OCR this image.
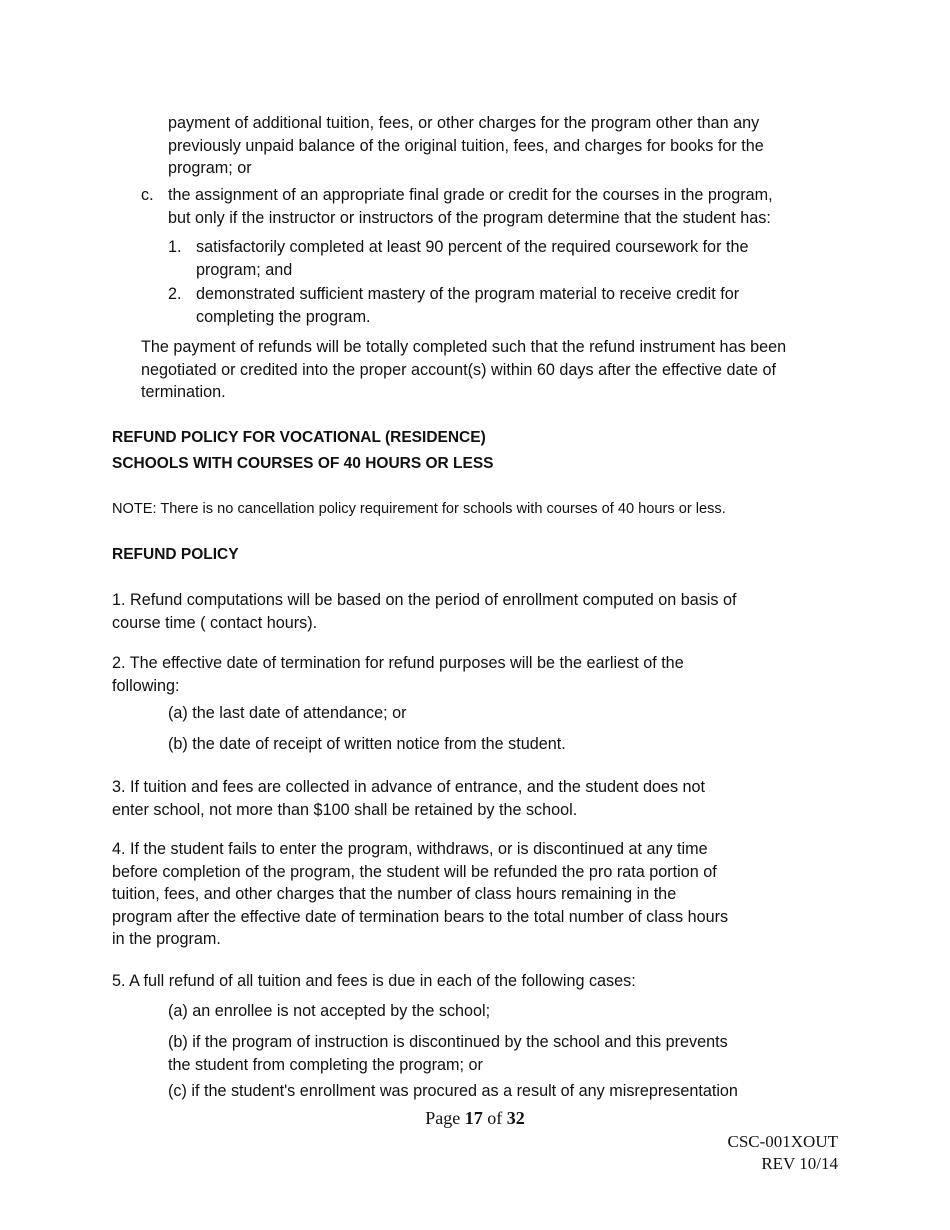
payment of additional tuition, fees, or other charges for the program other than any
previously unpaid balance of the original tuition, fees, and charges for books for the
program; or
c. the assignment of an appropriate final grade or credit for the courses in the program,
but only if the instructor or instructors of the program determine that the student has:
1. satisfactorily completed at least 90 percent of the required coursework for the
program; and
2. demonstrated sufficient mastery of the program material to receive credit for
completing the program.
The payment of refunds will be totally completed such that the refund instrument has been
negotiated or credited into the proper account(s) within 60 days after the effective date of
termination.
REFUND POLICY FOR VOCATIONAL (RESIDENCE)
SCHOOLS WITH COURSES OF 40 HOURS OR LESS
NOTE: There is no cancellation policy requirement for schools with courses of 40 hours or less.
REFUND POLICY
1. Refund computations will be based on the period of enrollment computed on basis of
course time ( contact hours).
2. The effective date of termination for refund purposes will be the earliest of the
following:
(a) the last date of attendance; or
(b) the date of receipt of written notice from the student.
3. If tuition and fees are collected in advance of entrance, and the student does not
enter school, not more than $100 shall be retained by the school.
4. If the student fails to enter the program, withdraws, or is discontinued at any time
before completion of the program, the student will be refunded the pro rata portion of
tuition, fees, and other charges that the number of class hours remaining in the
program after the effective date of termination bears to the total number of class hours
in the program.
5. A full refund of all tuition and fees is due in each of the following cases:
(a) an enrollee is not accepted by the school;
(b) if the program of instruction is discontinued by the school and this prevents
the student from completing the program; or
(c) if the student's enrollment was procured as a result of any misrepresentation
Page 17 of 32
CSC-001XOUT
REV 10/14
